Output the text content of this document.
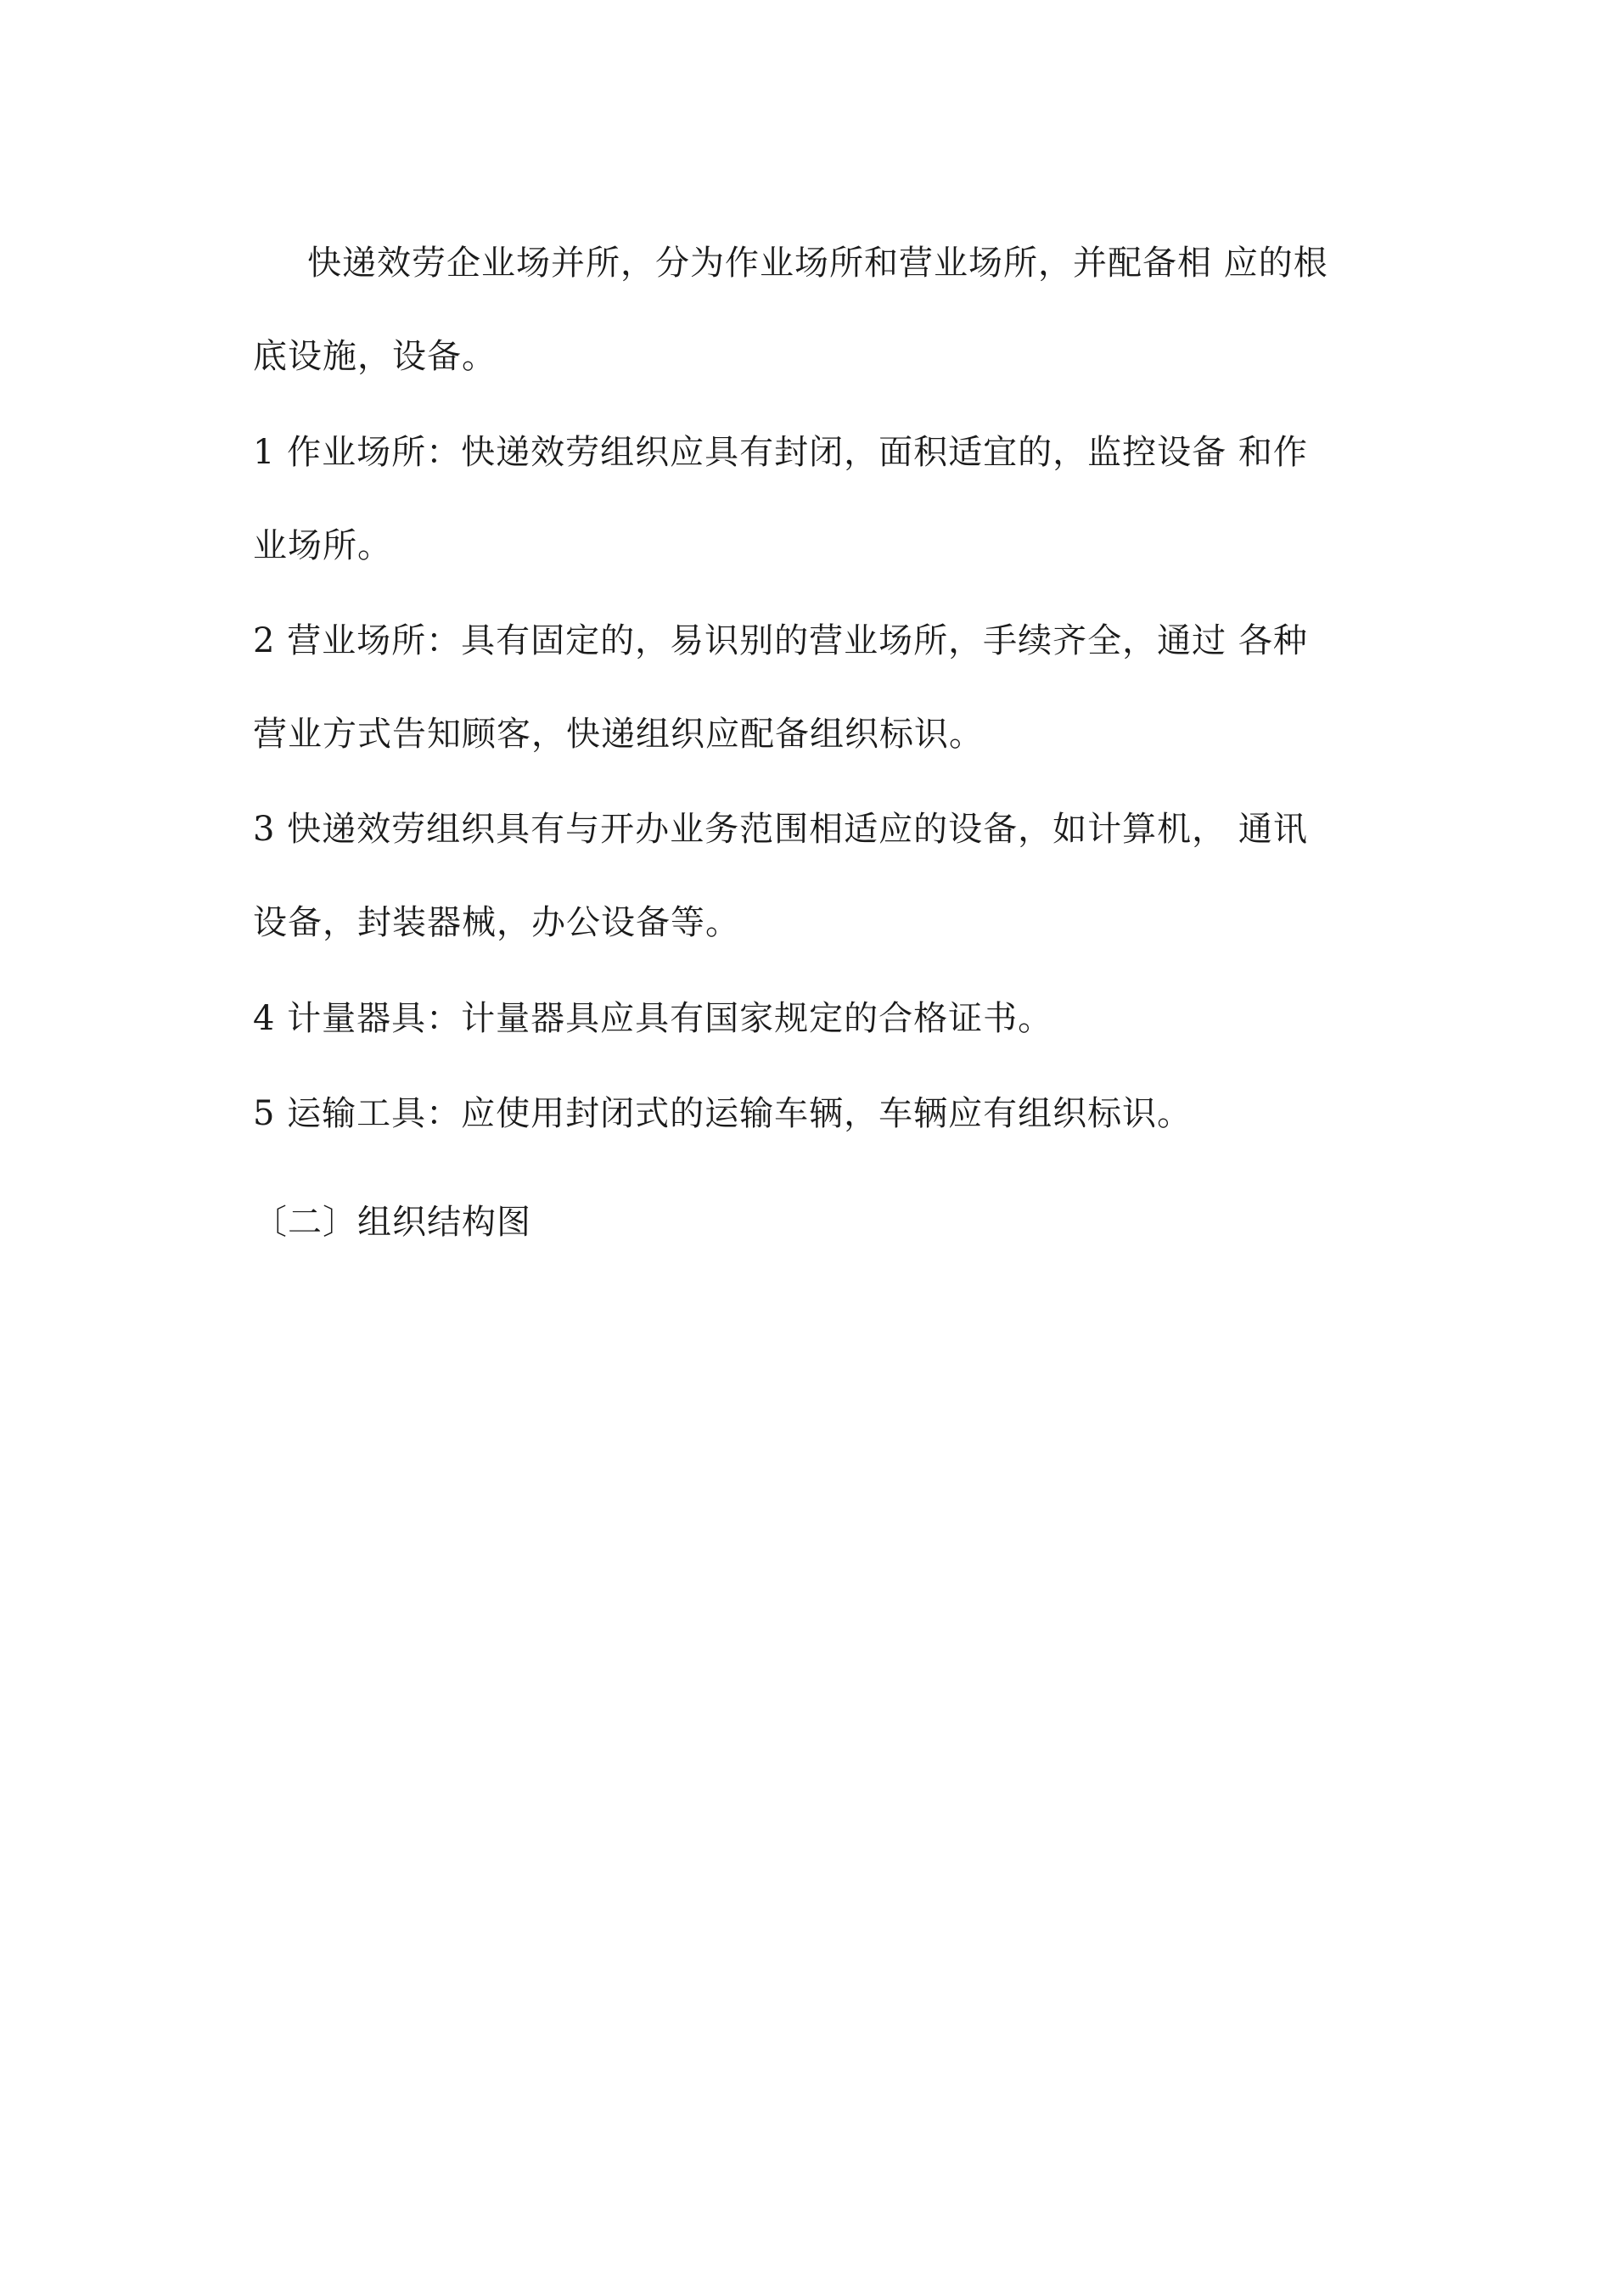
快递效劳企业场并所，分为作业场所和营业场所，并配备相 应的根
底设施，设备。
1 作业场所：快递效劳组织应具有封闭，面积适宜的，监控设备 和作
业场所。
2 营业场所：具有固定的，易识别的营业场所，手续齐全，通过 各种
营业方式告知顾客，快递组织应配备组织标识。
3 快递效劳组织具有与开办业务范围相适应的设备，如计算机， 通讯
设备，封装器械，办公设备等。
4 计量器具：计量器具应具有国家规定的合格证书。
5 运输工具：应使用封闭式的运输车辆，车辆应有组织标识。
〔二〕组织结构图
